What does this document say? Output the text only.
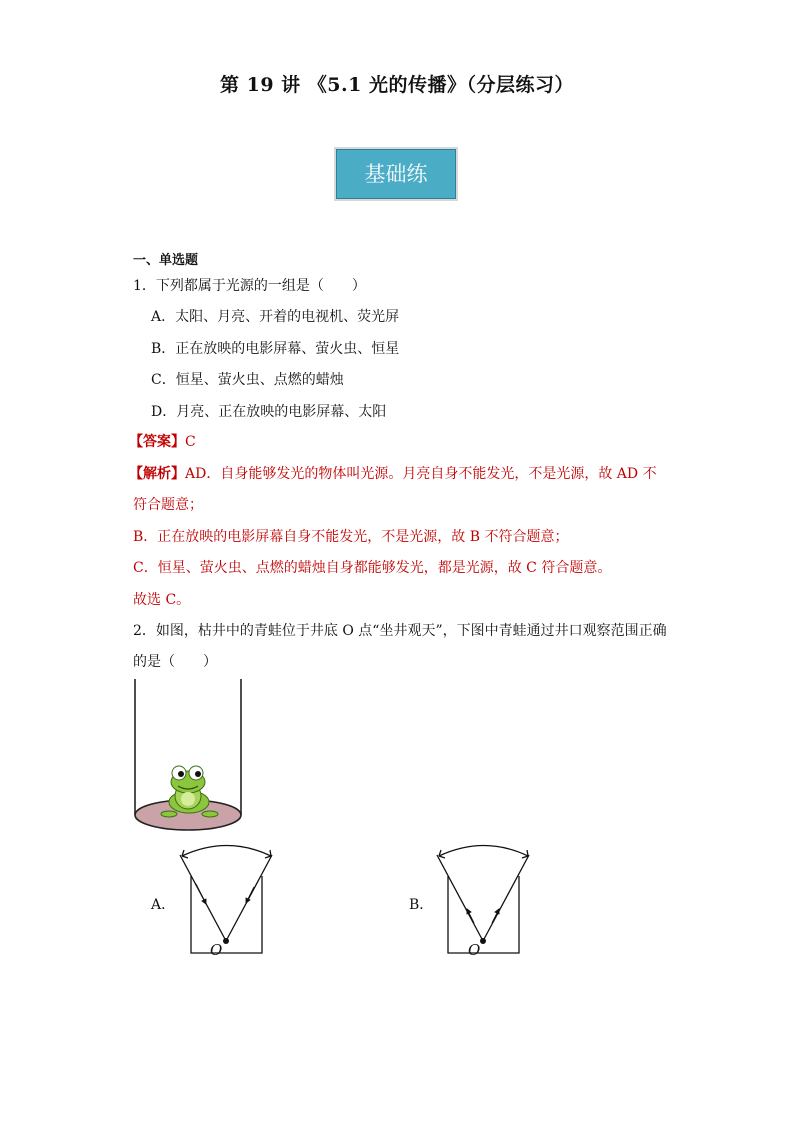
第 19 讲 《5.1 光的传播》（分层练习）
基础练
一、单选题
1．下列都属于光源的一组是（　　）
A．太阳、月亮、开着的电视机、荧光屏
B．正在放映的电影屏幕、萤火虫、恒星
C．恒星、萤火虫、点燃的蜡烛
D．月亮、正在放映的电影屏幕、太阳
【答案】C
【解析】AD．自身能够发光的物体叫光源。月亮自身不能发光，不是光源，故 AD 不
符合题意；
B．正在放映的电影屏幕自身不能发光，不是光源，故 B 不符合题意；
C．恒星、萤火虫、点燃的蜡烛自身都能够发光，都是光源，故 C 符合题意。
故选 C。
2．如图，枯井中的青蛙位于井底 O 点“坐井观天”，下图中青蛙通过井口观察范围正确
的是（　　）
A．
O
B．
O
